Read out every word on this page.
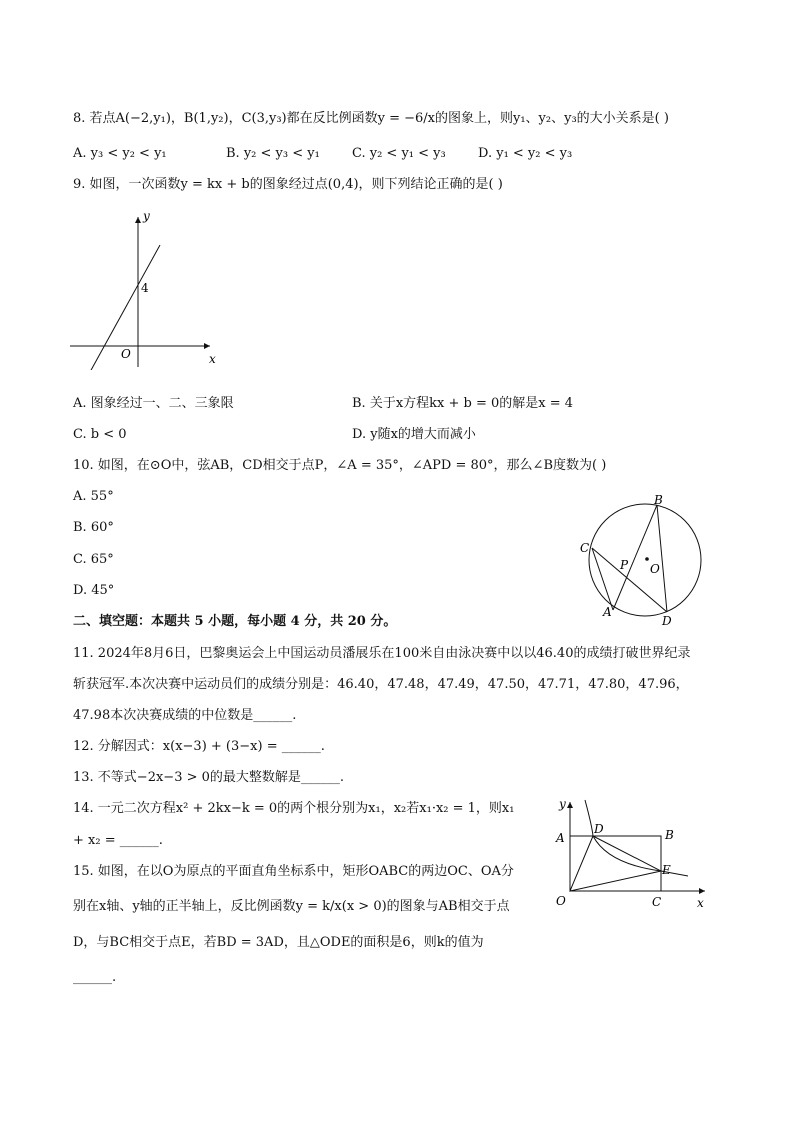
8. 若点A(−2,y₁)，B(1,y₂)，C(3,y₃)都在反比例函数y = −6/x的图象上，则y₁、y₂、y₃的大小关系是( )
A. y₃ < y₂ < y₁	B. y₂ < y₃ < y₁ C. y₂ < y₁ < y₃ D. y₁ < y₂ < y₃
9. 如图，一次函数y = kx + b的图象经过点(0,4)，则下列结论正确的是( )
y
x
O
4
A. 图象经过一、二、三象限	B. 关于x方程kx + b = 0的解是x = 4
C. b < 0	D. y随x的增大而减小
10. 如图，在⊙O中，弦AB，CD相交于点P，∠A = 35°，∠APD = 80°，那么∠B度数为( )
A. 55°
B. 60°
C. 65°
D. 45°
B
C
P O
A
D
二、填空题：本题共 5 小题，每小题 4 分，共 20 分。
11. 2024年8月6日，巴黎奥运会上中国运动员潘展乐在100米自由泳决赛中以以46.40的成绩打破世界纪录
斩获冠军.本次决赛中运动员们的成绩分别是：46.40，47.48，47.49，47.50，47.71，47.80，47.96，
47.98本次决赛成绩的中位数是______.
12. 分解因式：x(x−3) + (3−x) = ______.
13. 不等式−2x−3 > 0的最大整数解是______.
14. 一元二次方程x² + 2kx−k = 0的两个根分别为x₁，x₂若x₁·x₂ = 1，则x₁
+ x₂ = ______.
15. 如图，在以O为原点的平面直角坐标系中，矩形OABC的两边OC、OA分
别在x轴、y轴的正半轴上，反比例函数y = k/x(x > 0)的图象与AB相交于点
D，与BC相交于点E，若BD = 3AD，且△ODE的面积是6，则k的值为
______.
y
A
D	B
E
O	C	x
